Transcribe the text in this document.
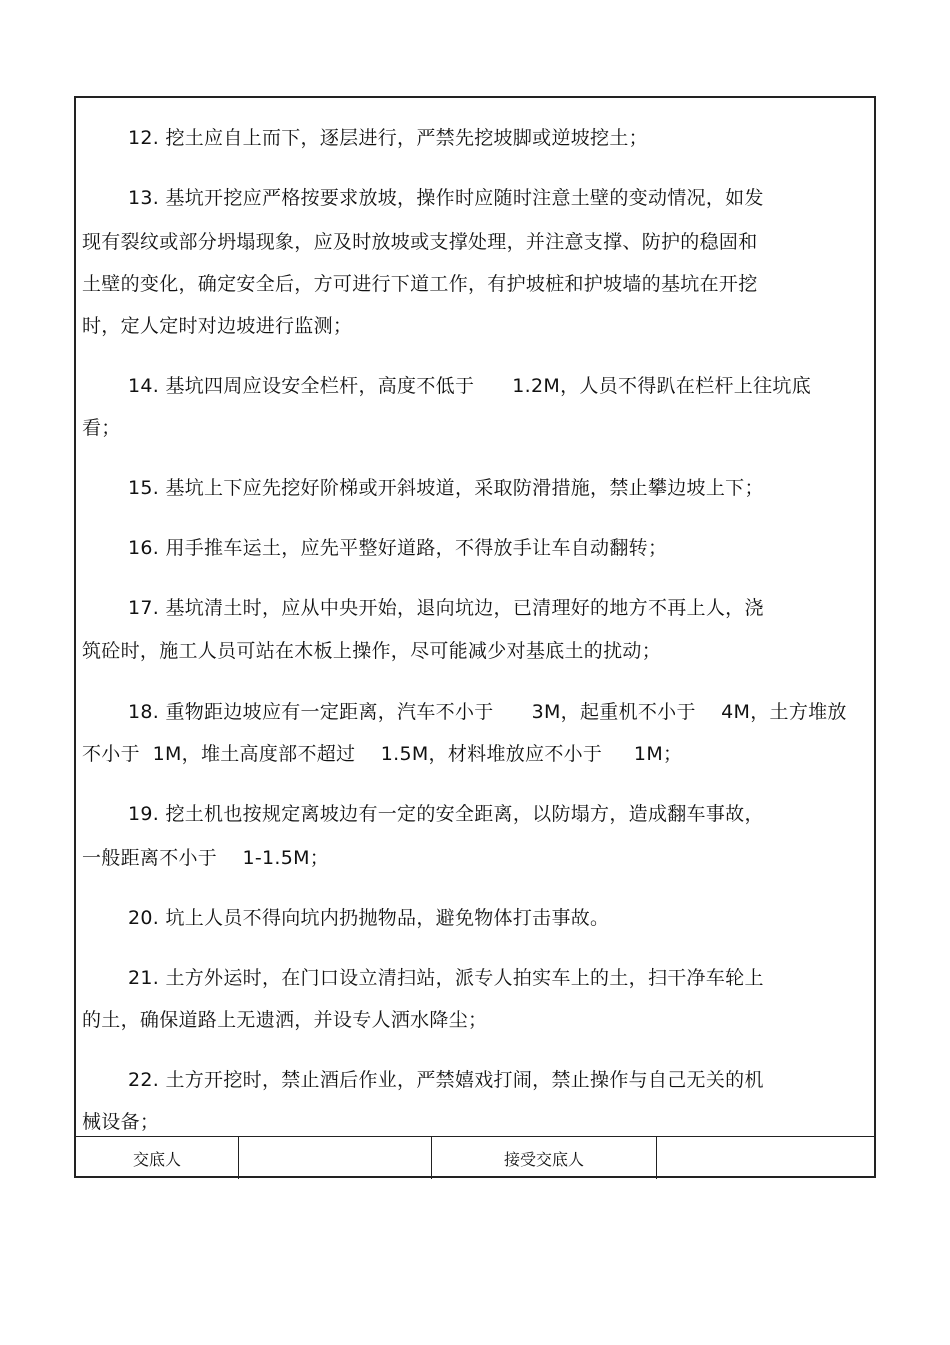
12. 挖土应自上而下，逐层进行，严禁先挖坡脚或逆坡挖土；
13. 基坑开挖应严格按要求放坡，操作时应随时注意土壁的变动情况，如发
现有裂纹或部分坍塌现象，应及时放坡或支撑处理，并注意支撑、防护的稳固和
土壁的变化，确定安全后，方可进行下道工作，有护坡桩和护坡墙的基坑在开挖
时，定人定时对边坡进行监测；
14. 基坑四周应设安全栏杆，高度不低于      1.2M，人员不得趴在栏杆上往坑底
看；
15. 基坑上下应先挖好阶梯或开斜坡道，采取防滑措施，禁止攀边坡上下；
16. 用手推车运土，应先平整好道路，不得放手让车自动翻转；
17. 基坑清土时，应从中央开始，退向坑边，已清理好的地方不再上人，浇
筑砼时，施工人员可站在木板上操作，尽可能减少对基底土的扰动；
18. 重物距边坡应有一定距离，汽车不小于      3M，起重机不小于    4M，土方堆放
不小于  1M，堆土高度部不超过    1.5M，材料堆放应不小于     1M；
19. 挖土机也按规定离坡边有一定的安全距离，以防塌方，造成翻车事故，
一般距离不小于    1-1.5M；
20. 坑上人员不得向坑内扔抛物品，避免物体打击事故。
21. 土方外运时，在门口设立清扫站，派专人拍实车上的土，扫干净车轮上
的土，确保道路上无遗洒，并设专人洒水降尘；
22. 土方开挖时，禁止酒后作业，严禁嬉戏打闹，禁止操作与自己无关的机
械设备；
交底人	接受交底人
